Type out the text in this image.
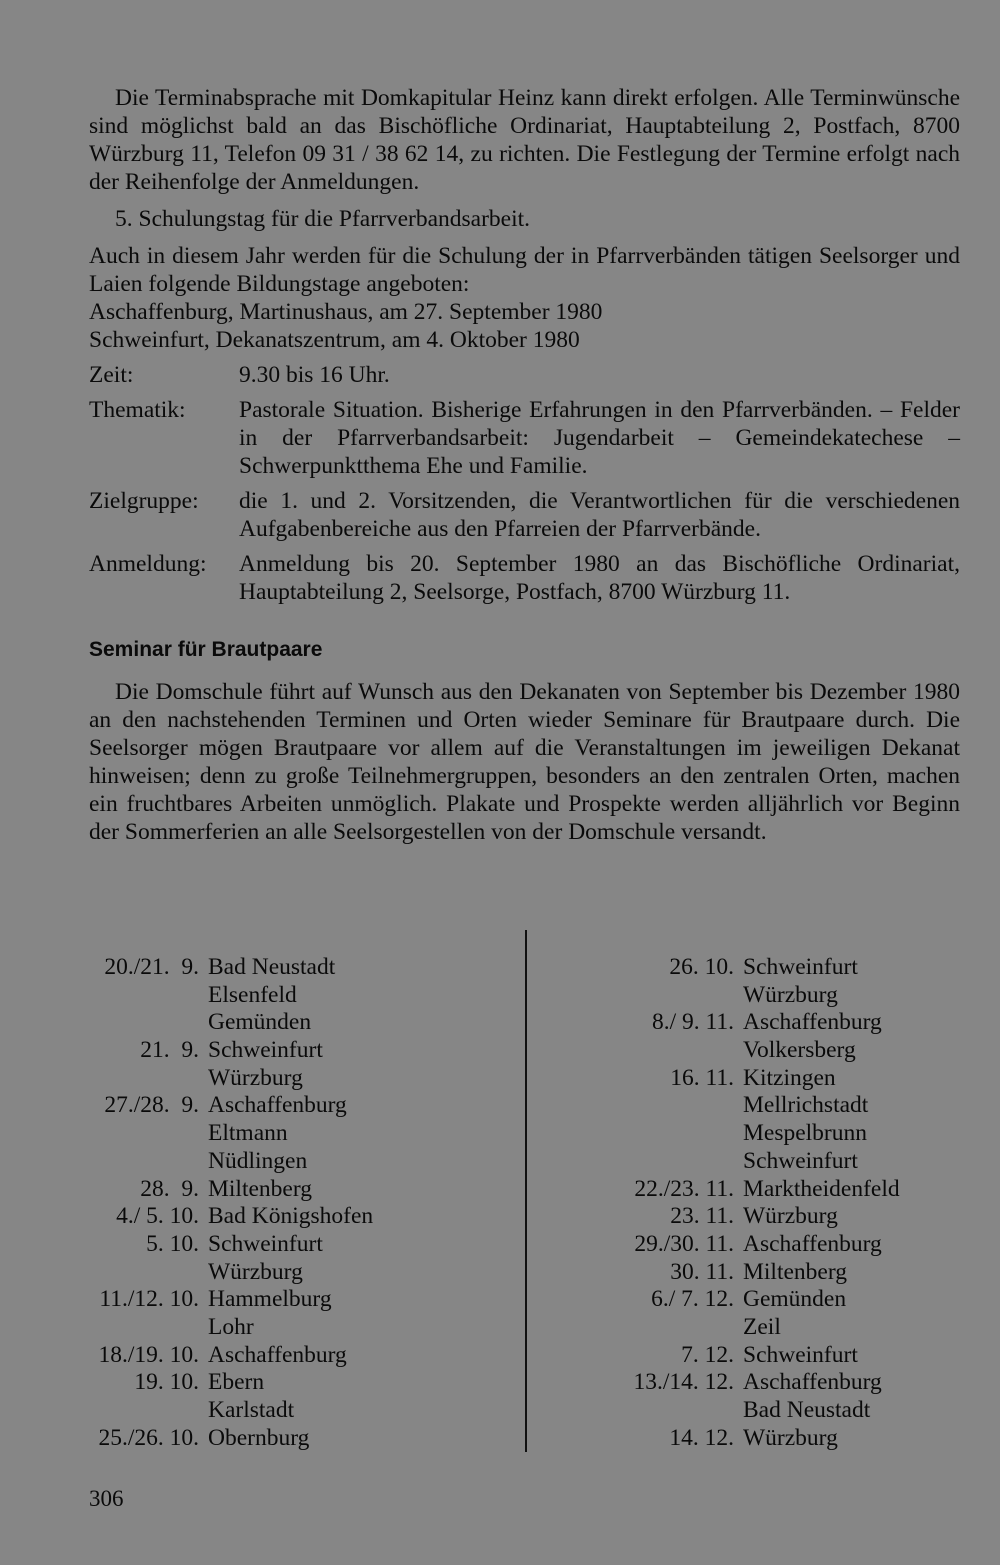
Die Terminabsprache mit Domkapitular Heinz kann direkt erfolgen. Alle Terminwünsche sind möglichst bald an das Bischöfliche Ordinariat, Hauptabteilung 2, Postfach, 8700 Würzburg 11, Telefon 09 31 / 38 62 14, zu richten. Die Festlegung der Termine erfolgt nach der Reihenfolge der Anmeldungen.

5. Schulungstag für die Pfarrverbandsarbeit.

Auch in diesem Jahr werden für die Schulung der in Pfarrverbänden tätigen Seelsorger und Laien folgende Bildungstage angeboten:

Aschaffenburg, Martinushaus, am 27. September 1980
Schweinfurt, Dekanatszentrum, am 4. Oktober 1980
Zeit:	9.30 bis 16 Uhr.
Thematik:	Pastorale Situation. Bisherige Erfahrungen in den Pfarrverbänden. – Felder in der Pfarrverbandsarbeit: Jugendarbeit – Gemeindekatechese – Schwerpunktthema Ehe und Familie.
Zielgruppe:	die 1. und 2. Vorsitzenden, die Verantwortlichen für die verschiedenen Aufgabenbereiche aus den Pfarreien der Pfarrverbände.
Anmeldung:	Anmeldung bis 20. September 1980 an das Bischöfliche Ordinariat, Hauptabteilung 2, Seelsorge, Postfach, 8700 Würzburg 11.
Seminar für Brautpaare

Die Domschule führt auf Wunsch aus den Dekanaten von September bis Dezember 1980 an den nachstehenden Terminen und Orten wieder Seminare für Brautpaare durch. Die Seelsorger mögen Brautpaare vor allem auf die Veranstaltungen im jeweiligen Dekanat hinweisen; denn zu große Teilnehmergruppen, besonders an den zentralen Orten, machen ein fruchtbares Arbeiten unmöglich. Plakate und Prospekte werden alljährlich vor Beginn der Sommerferien an alle Seelsorgestellen von der Domschule versandt.

20./21.  9. Bad Neustadt
Elsenfeld
Gemünden
21.  9. Schweinfurt
Würzburg
27./28.  9. Aschaffenburg
Eltmann
Nüdlingen
28.  9. Miltenberg
4./ 5. 10. Bad Königshofen
5. 10. Schweinfurt
Würzburg
11./12. 10. Hammelburg
Lohr
18./19. 10. Aschaffenburg
19. 10. Ebern
Karlstadt
25./26. 10. Obernburg
26. 10. Schweinfurt
Würzburg
8./ 9. 11. Aschaffenburg
Volkersberg
16. 11. Kitzingen
Mellrichstadt
Mespelbrunn
Schweinfurt
22./23. 11. Marktheidenfeld
23. 11. Würzburg
29./30. 11. Aschaffenburg
30. 11. Miltenberg
6./ 7. 12. Gemünden
Zeil
7. 12. Schweinfurt
13./14. 12. Aschaffenburg
Bad Neustadt
14. 12. Würzburg
306
